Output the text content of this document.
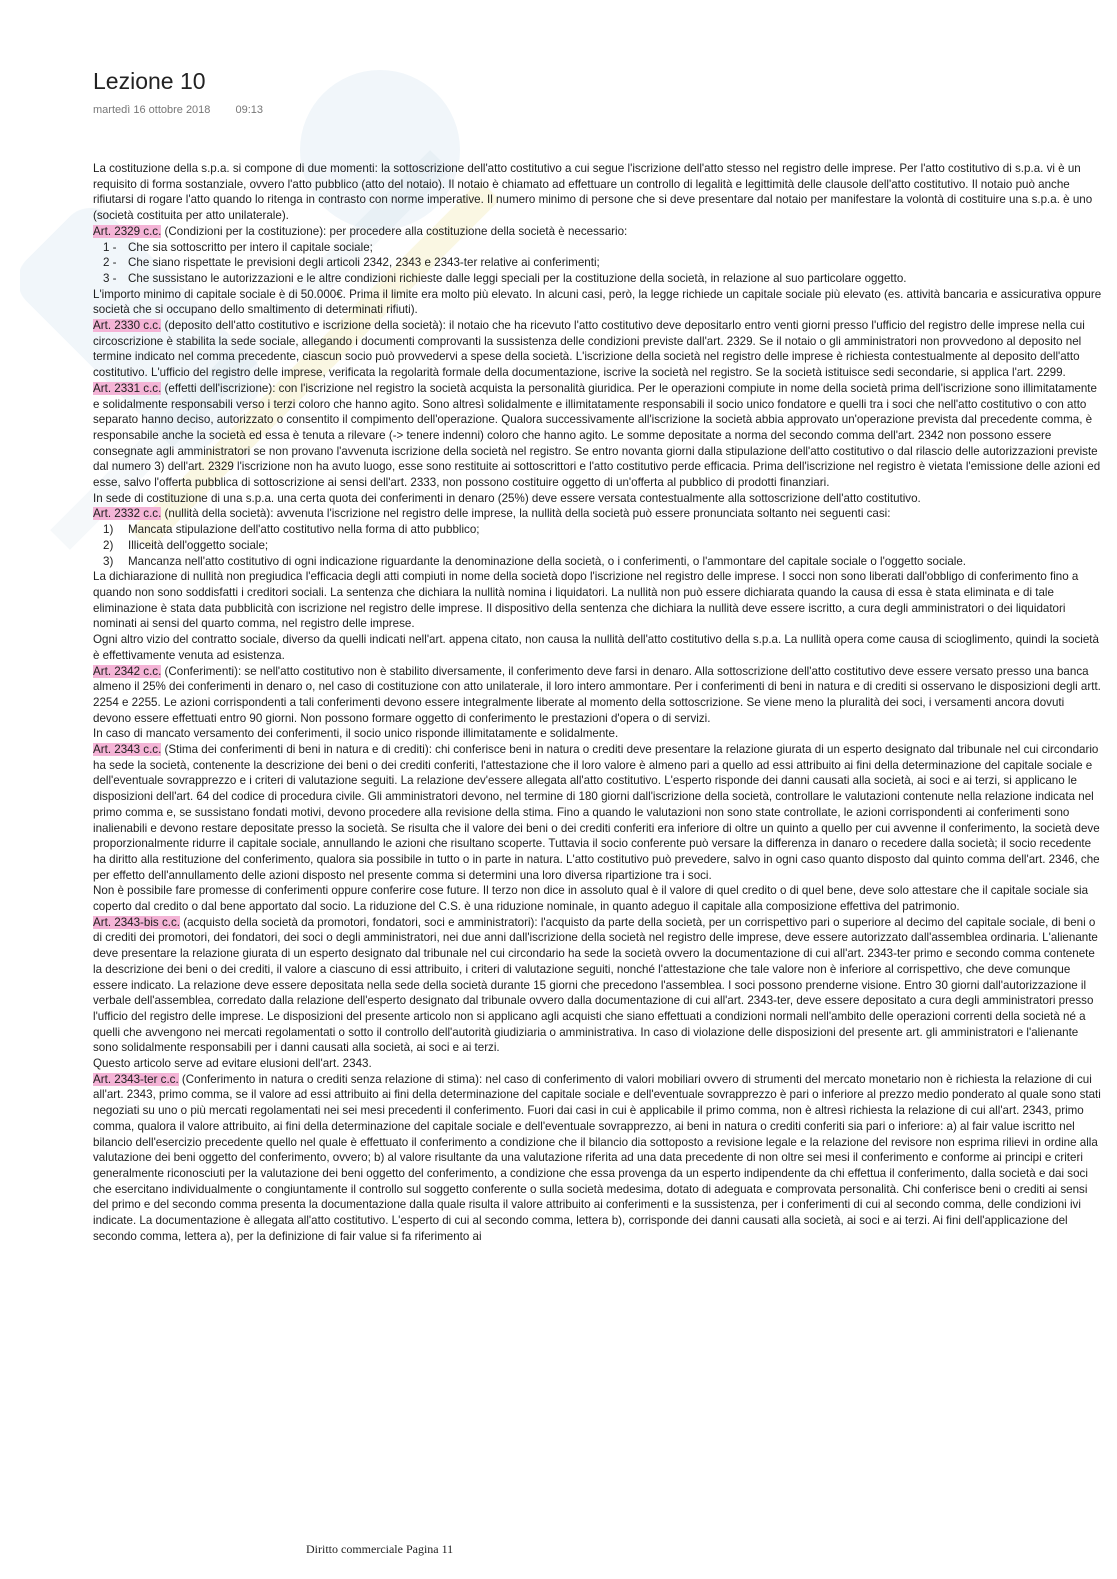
Lezione 10
martedì 16 ottobre 2018 09:13

La costituzione della s.p.a. si compone di due momenti: la sottoscrizione dell'atto costitutivo a cui segue l'iscrizione dell'atto stesso nel registro delle imprese. Per l'atto costitutivo di s.p.a. vi è un requisito di forma sostanziale, ovvero l'atto pubblico (atto del notaio). Il notaio è chiamato ad effettuare un controllo di legalità e legittimità delle clausole dell'atto costitutivo. Il notaio può anche rifiutarsi di rogare l'atto quando lo ritenga in contrasto con norme imperative. Il numero minimo di persone che si deve presentare dal notaio per manifestare la volontà di costituire una s.p.a. è uno (società costituita per atto unilaterale).

Art. 2329 c.c. (Condizioni per la costituzione): per procedere alla costituzione della società è necessario:

1 - Che sia sottoscritto per intero il capitale sociale;
2 - Che siano rispettate le previsioni degli articoli 2342, 2343 e 2343-ter relative ai conferimenti;
3 - Che sussistano le autorizzazioni e le altre condizioni richieste dalle leggi speciali per la costituzione della società, in relazione al suo particolare oggetto.

L'importo minimo di capitale sociale è di 50.000€. Prima il limite era molto più elevato. In alcuni casi, però, la legge richiede un capitale sociale più elevato (es. attività bancaria e assicurativa oppure società che si occupano dello smaltimento di determinati rifiuti).

Art. 2330 c.c. (deposito dell'atto costitutivo e iscrizione della società): il notaio che ha ricevuto l'atto costitutivo deve depositarlo entro venti giorni presso l'ufficio del registro delle imprese nella cui circoscrizione è stabilita la sede sociale, allegando i documenti comprovanti la sussistenza delle condizioni previste dall'art. 2329. Se il notaio o gli amministratori non provvedono al deposito nel termine indicato nel comma precedente, ciascun socio può provvedervi a spese della società. L'iscrizione della società nel registro delle imprese è richiesta contestualmente al deposito dell'atto costitutivo. L'ufficio del registro delle imprese, verificata la regolarità formale della documentazione, iscrive la società nel registro. Se la società istituisce sedi secondarie, si applica l'art. 2299.

Art. 2331 c.c. (effetti dell'iscrizione): con l'iscrizione nel registro la società acquista la personalità giuridica. Per le operazioni compiute in nome della società prima dell'iscrizione sono illimitatamente e solidalmente responsabili verso i terzi coloro che hanno agito. Sono altresì solidalmente e illimitatamente responsabili il socio unico fondatore e quelli tra i soci che nell'atto costitutivo o con atto separato hanno deciso, autorizzato o consentito il compimento dell'operazione. Qualora successivamente all'iscrizione la società abbia approvato un'operazione prevista dal precedente comma, è responsabile anche la società ed essa è tenuta a rilevare (-> tenere indenni) coloro che hanno agito. Le somme depositate a norma del secondo comma dell'art. 2342 non possono essere consegnate agli amministratori se non provano l'avvenuta iscrizione della società nel registro. Se entro novanta giorni dalla stipulazione dell'atto costitutivo o dal rilascio delle autorizzazioni previste dal numero 3) dell'art. 2329 l'iscrizione non ha avuto luogo, esse sono restituite ai sottoscrittori e l'atto costitutivo perde efficacia. Prima dell'iscrizione nel registro è vietata l'emissione delle azioni ed esse, salvo l'offerta pubblica di sottoscrizione ai sensi dell'art. 2333, non possono costituire oggetto di un'offerta al pubblico di prodotti finanziari.

In sede di costituzione di una s.p.a. una certa quota dei conferimenti in denaro (25%) deve essere versata contestualmente alla sottoscrizione dell'atto costitutivo.

Art. 2332 c.c. (nullità della società): avvenuta l'iscrizione nel registro delle imprese, la nullità della società può essere pronunciata soltanto nei seguenti casi:

1) Mancata stipulazione dell'atto costitutivo nella forma di atto pubblico;
2) Illiceità dell'oggetto sociale;
3) Mancanza nell'atto costitutivo di ogni indicazione riguardante la denominazione della società, o i conferimenti, o l'ammontare del capitale sociale o l'oggetto sociale.

La dichiarazione di nullità non pregiudica l'efficacia degli atti compiuti in nome della società dopo l'iscrizione nel registro delle imprese. I socci non sono liberati dall'obbligo di conferimento fino a quando non sono soddisfatti i creditori sociali. La sentenza che dichiara la nullità nomina i liquidatori. La nullità non può essere dichiarata quando la causa di essa è stata eliminata e di tale eliminazione è stata data pubblicità con iscrizione nel registro delle imprese. Il dispositivo della sentenza che dichiara la nullità deve essere iscritto, a cura degli amministratori o dei liquidatori nominati ai sensi del quarto comma, nel registro delle imprese.

Ogni altro vizio del contratto sociale, diverso da quelli indicati nell'art. appena citato, non causa la nullità dell'atto costitutivo della s.p.a. La nullità opera come causa di scioglimento, quindi la società è effettivamente venuta ad esistenza.

Art. 2342 c.c. (Conferimenti): se nell'atto costitutivo non è stabilito diversamente, il conferimento deve farsi in denaro. Alla sottoscrizione dell'atto costitutivo deve essere versato presso una banca almeno il 25% dei conferimenti in denaro o, nel caso di costituzione con atto unilaterale, il loro intero ammontare. Per i conferimenti di beni in natura e di crediti si osservano le disposizioni degli artt. 2254 e 2255. Le azioni corrispondenti a tali conferimenti devono essere integralmente liberate al momento della sottoscrizione. Se viene meno la pluralità dei soci, i versamenti ancora dovuti devono essere effettuati entro 90 giorni. Non possono formare oggetto di conferimento le prestazioni d'opera o di servizi.

In caso di mancato versamento dei conferimenti, il socio unico risponde illimitatamente e solidalmente.

Art. 2343 c.c. (Stima dei conferimenti di beni in natura e di crediti): chi conferisce beni in natura o crediti deve presentare la relazione giurata di un esperto designato dal tribunale nel cui circondario ha sede la società, contenente la descrizione dei beni o dei crediti conferiti, l'attestazione che il loro valore è almeno pari a quello ad essi attribuito ai fini della determinazione del capitale sociale e dell'eventuale sovrapprezzo e i criteri di valutazione seguiti. La relazione dev'essere allegata all'atto costitutivo. L'esperto risponde dei danni causati alla società, ai soci e ai terzi, si applicano le disposizioni dell'art. 64 del codice di procedura civile. Gli amministratori devono, nel termine di 180 giorni dall'iscrizione della società, controllare le valutazioni contenute nella relazione indicata nel primo comma e, se sussistano fondati motivi, devono procedere alla revisione della stima. Fino a quando le valutazioni non sono state controllate, le azioni corrispondenti ai conferimenti sono inalienabili e devono restare depositate presso la società. Se risulta che il valore dei beni o dei crediti conferiti era inferiore di oltre un quinto a quello per cui avvenne il conferimento, la società deve proporzionalmente ridurre il capitale sociale, annullando le azioni che risultano scoperte. Tuttavia il socio conferente può versare la differenza in danaro o recedere dalla società; il socio recedente ha diritto alla restituzione del conferimento, qualora sia possibile in tutto o in parte in natura. L'atto costitutivo può prevedere, salvo in ogni caso quanto disposto dal quinto comma dell'art. 2346, che per effetto dell'annullamento delle azioni disposto nel presente comma si determini una loro diversa ripartizione tra i soci.

Non è possibile fare promesse di conferimenti oppure conferire cose future. Il terzo non dice in assoluto qual è il valore di quel credito o di quel bene, deve solo attestare che il capitale sociale sia coperto dal credito o dal bene apportato dal socio. La riduzione del C.S. è una riduzione nominale, in quanto adeguo il capitale alla composizione effettiva del patrimonio.

Art. 2343-bis c.c. (acquisto della società da promotori, fondatori, soci e amministratori): l'acquisto da parte della società, per un corrispettivo pari o superiore al decimo del capitale sociale, di beni o di crediti dei promotori, dei fondatori, dei soci o degli amministratori, nei due anni dall'iscrizione della società nel registro delle imprese, deve essere autorizzato dall'assemblea ordinaria. L'alienante deve presentare la relazione giurata di un esperto designato dal tribunale nel cui circondario ha sede la società ovvero la documentazione di cui all'art. 2343-ter primo e secondo comma contenete la descrizione dei beni o dei crediti, il valore a ciascuno di essi attribuito, i criteri di valutazione seguiti, nonché l'attestazione che tale valore non è inferiore al corrispettivo, che deve comunque essere indicato. La relazione deve essere depositata nella sede della società durante 15 giorni che precedono l'assemblea. I soci possono prenderne visione. Entro 30 giorni dall'autorizzazione il verbale dell'assemblea, corredato dalla relazione dell'esperto designato dal tribunale ovvero dalla documentazione di cui all'art. 2343-ter, deve essere depositato a cura degli amministratori presso l'ufficio del registro delle imprese. Le disposizioni del presente articolo non si applicano agli acquisti che siano effettuati a condizioni normali nell'ambito delle operazioni correnti della società né a quelli che avvengono nei mercati regolamentati o sotto il controllo dell'autorità giudiziaria o amministrativa. In caso di violazione delle disposizioni del presente art. gli amministratori e l'alienante sono solidalmente responsabili per i danni causati alla società, ai soci e ai terzi.

Questo articolo serve ad evitare elusioni dell'art. 2343.

Art. 2343-ter c.c. (Conferimento in natura o crediti senza relazione di stima): nel caso di conferimento di valori mobiliari ovvero di strumenti del mercato monetario non è richiesta la relazione di cui all'art. 2343, primo comma, se il valore ad essi attribuito ai fini della determinazione del capitale sociale e dell'eventuale sovrapprezzo è pari o inferiore al prezzo medio ponderato al quale sono stati negoziati su uno o più mercati regolamentati nei sei mesi precedenti il conferimento. Fuori dai casi in cui è applicabile il primo comma, non è altresì richiesta la relazione di cui all'art. 2343, primo comma, qualora il valore attribuito, ai fini della determinazione del capitale sociale e dell'eventuale sovrapprezzo, ai beni in natura o crediti conferiti sia pari o inferiore: a) al fair value iscritto nel bilancio dell'esercizio precedente quello nel quale è effettuato il conferimento a condizione che il bilancio dia sottoposto a revisione legale e la relazione del revisore non esprima rilievi in ordine alla valutazione dei beni oggetto del conferimento, ovvero; b) al valore risultante da una valutazione riferita ad una data precedente di non oltre sei mesi il conferimento e conforme ai principi e criteri generalmente riconosciuti per la valutazione dei beni oggetto del conferimento, a condizione che essa provenga da un esperto indipendente da chi effettua il conferimento, dalla società e dai soci che esercitano individualmente o congiuntamente il controllo sul soggetto conferente o sulla società medesima, dotato di adeguata e comprovata personalità. Chi conferisce beni o crediti ai sensi del primo e del secondo comma presenta la documentazione dalla quale risulta il valore attribuito ai conferimenti e la sussistenza, per i conferimenti di cui al secondo comma, delle condizioni ivi indicate. La documentazione è allegata all'atto costitutivo. L'esperto di cui al secondo comma, lettera b), corrisponde dei danni causati alla società, ai soci e ai terzi. Ai fini dell'applicazione del secondo comma, lettera a), per la definizione di fair value si fa riferimento ai

Diritto commerciale Pagina 11
